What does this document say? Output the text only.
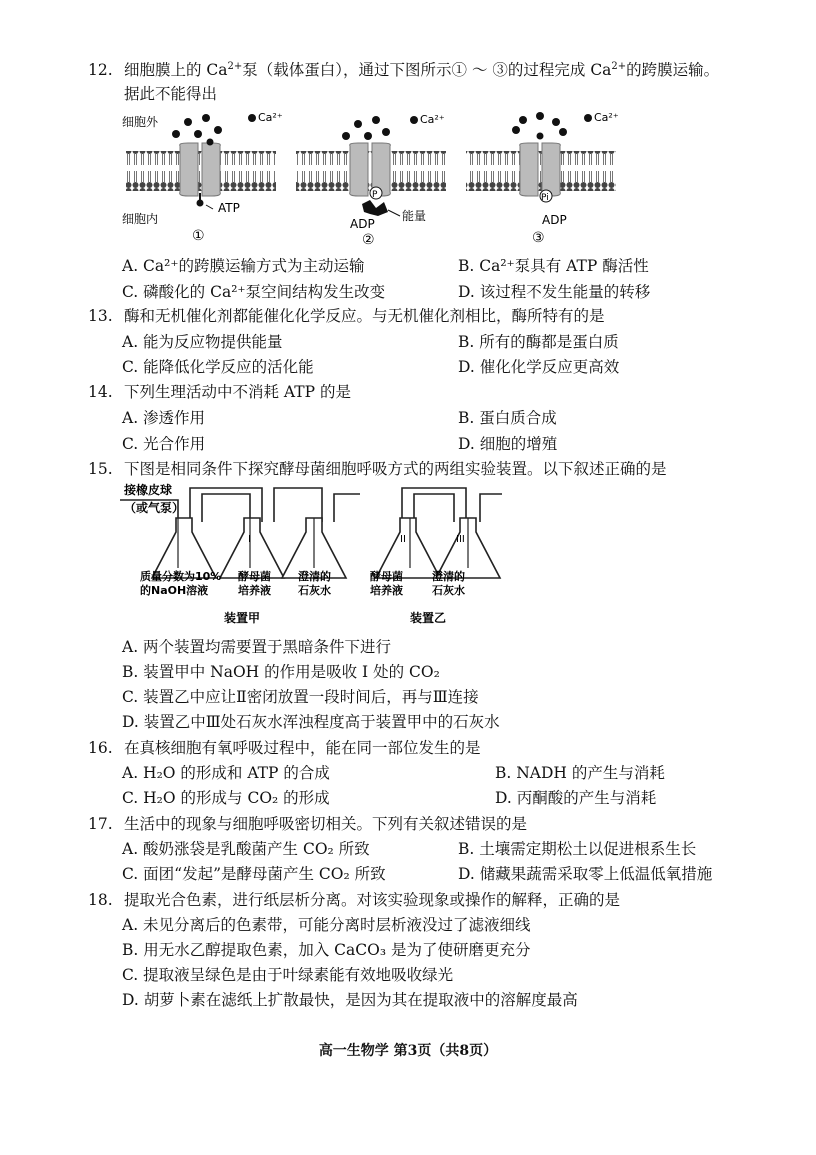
12. 细胞膜上的 $Ca^{2+}$泵（载体蛋白），通过下图所示① ～ ③的过程完成 $Ca^{2+}$的跨膜运输。
据此不能得出
细胞外
细胞内
Ca²⁺
ATP
①
Ca²⁺
P
能量
ADP
②
Ca²⁺
Pi
ADP
③
A. Ca²⁺的跨膜运输方式为主动运输	B. Ca²⁺泵具有 ATP 酶活性
C. 磷酸化的 Ca²⁺泵空间结构发生改变	D. 该过程不发生能量的转移
13. 酶和无机催化剂都能催化化学反应。与无机催化剂相比，酶所特有的是
A. 能为反应物提供能量	B. 所有的酶都是蛋白质
C. 能降低化学反应的活化能	D. 催化化学反应更高效
14. 下列生理活动中不消耗 ATP 的是
A. 渗透作用	B. 蛋白质合成
C. 光合作用	D. 细胞的增殖
15. 下图是相同条件下探究酵母菌细胞呼吸方式的两组实验装置。以下叙述正确的是
I	II	III
接橡皮球
（或气泵）
质量分数为10%
的NaOH溶液
酵母菌
培养液
澄清的
石灰水
酵母菌
培养液
澄清的
石灰水
装置甲	装置乙
A. 两个装置均需要置于黑暗条件下进行
B. 装置甲中 NaOH 的作用是吸收 I 处的 CO₂
C. 装置乙中应让Ⅱ密闭放置一段时间后，再与Ⅲ连接
D. 装置乙中Ⅲ处石灰水浑浊程度高于装置甲中的石灰水
16. 在真核细胞有氧呼吸过程中，能在同一部位发生的是
A. H₂O 的形成和 ATP 的合成	B. NADH 的产生与消耗
C. H₂O 的形成与 CO₂ 的形成	D. 丙酮酸的产生与消耗
17. 生活中的现象与细胞呼吸密切相关。下列有关叙述错误的是
A. 酸奶涨袋是乳酸菌产生 CO₂ 所致	B. 土壤需定期松土以促进根系生长
C. 面团“发起”是酵母菌产生 CO₂ 所致	D. 储藏果蔬需采取零上低温低氧措施
18. 提取光合色素，进行纸层析分离。对该实验现象或操作的解释，正确的是
A. 未见分离后的色素带，可能分离时层析液没过了滤液细线
B. 用无水乙醇提取色素，加入 CaCO₃ 是为了使研磨更充分
C. 提取液呈绿色是由于叶绿素能有效地吸收绿光
D. 胡萝卜素在滤纸上扩散最快，是因为其在提取液中的溶解度最高
高一生物学 第3页（共8页）
